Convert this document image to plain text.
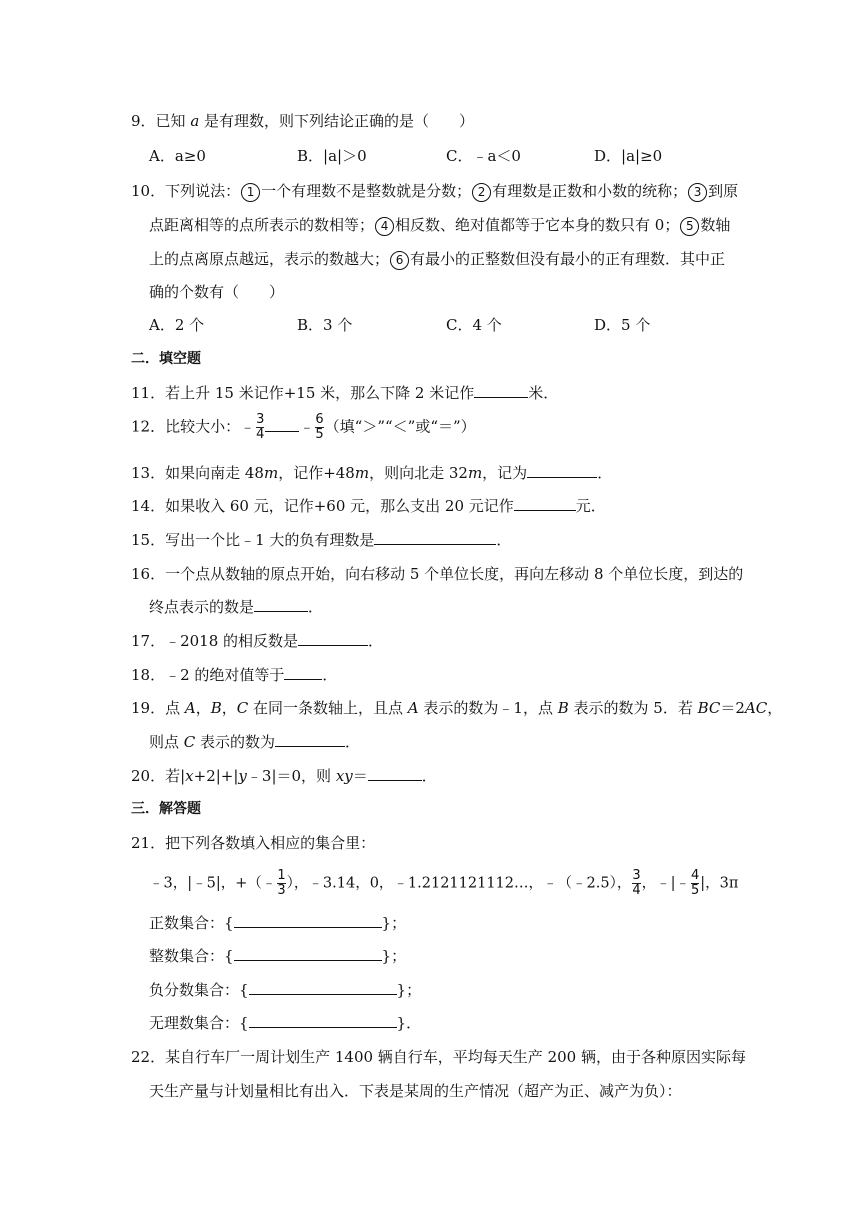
9．已知 a 是有理数，则下列结论正确的是（　　）
A．a≥0	B．|a|＞0	C．﹣a＜0	D．|a|≥0
10．下列说法： 1 一个有理数不是整数就是分数； 2 有理数是正数和小数的统称； 3 到原
点距离相等的点所表示的数相等； 4 相反数、绝对值都等于它本身的数只有 0； 5 数轴
上的点离原点越远，表示的数越大； 6 有最小的正整数但没有最小的正有理数．其中正
确的个数有（　　）
A．2 个	B．3 个	C．4 个	D．5 个
二．填空题
11．若上升 15 米记作+15 米，那么下降 2 米记作	米．
12．比较大小：﹣ $\frac{3}{4}$ ﹣ $\frac{6}{5}$ （填“＞”“＜”或“＝”）
13．如果向南走 48m，记作+48m，则向北走 32m，记为	．
14．如果收入 60 元，记作+60 元，那么支出 20 元记作	元．
15．写出一个比﹣1 大的负有理数是	．
16．一个点从数轴的原点开始，向右移动 5 个单位长度，再向左移动 8 个单位长度，到达的
终点表示的数是	．
17．﹣2018 的相反数是	．
18．﹣2 的绝对值等于	．
19．点 A，B，C 在同一条数轴上，且点 A 表示的数为﹣1，点 B 表示的数为 5．若 BC＝2AC，
则点 C 表示的数为	．
20．若|x+2|+|y﹣3|＝0，则 xy＝	．
三．解答题
21．把下列各数填入相应的集合里：
﹣3，|﹣5|，+（﹣ $\frac{1}{3}$ ），﹣3.14，0，﹣1.2121121112…，﹣（﹣2.5）， $\frac{3}{4}$ ，﹣|﹣ $\frac{4}{5}$ |，3π
正数集合：{	}；
整数集合：{	}；
负分数集合：{	}；
无理数集合：{	}．
22．某自行车厂一周计划生产 1400 辆自行车，平均每天生产 200 辆，由于各种原因实际每
天生产量与计划量相比有出入．下表是某周的生产情况（超产为正、减产为负）：
